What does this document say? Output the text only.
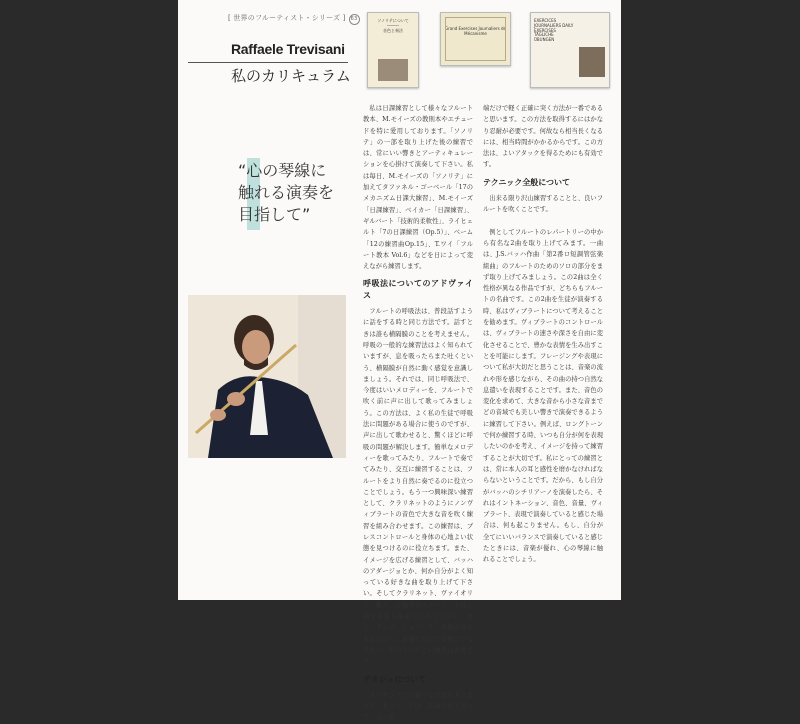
[ 世界のフルーティスト・シリーズ ] 63
Raffaele Trevisani
私のカリキュラム
ソノリテについて
―――
音色と奏法	Grand Exercises Journaliers de Mécanisme
EXERCICES JOURNALIERS DAILY EXERCISES TÄGLICHE ÜBUNGEN
“心の琴線に
触れる演奏を
目指して”

私は日課練習として様々なフルート教本、M.モイーズの教則本やエチュードを特に愛用しております。「ソノリテ」の一部を取り上げた後の練習では、常にいい響きとアーティキュレーションを心掛けて演奏して下さい。私は毎日、M.モイーズの「ソノリテ」に加えてタファネル・ゴーベール「17のメカニズム日課大練習」、M.モイーズ「日課練習」、ベイカー「日課練習」、ギルバート「技術的柔軟性」、ライヒェルト「7の日課練習（Op.5）」、ベーム「12の練習曲Op.15」、T.ワイ「フルート教本 Vol.6」などを日によって変えながら練習します。

呼吸法についてのアドヴァイス

フルートの呼吸法は、普段話すように話をする時と同じ方法です。話すときは誰も横隔膜のことを考えません。呼吸の一般的な練習法はよく知られていますが、息を吸ったらまた吐くという、横隔膜が自然に動く感覚を意識しましょう。それでは、同じ呼吸法で、今度はいいメロディーを、フルートで吹く前に声に出して歌ってみましょう。この方法は、よく私の生徒で呼吸法に問題がある場合に使うのですが、声に出して歌わせると、驚くほどに呼吸の問題が解決します。簡単なメロディーを歌ってみたり、フルートで奏でてみたり、交互に練習することは、フルートをより自然に奏でるのに役立つことでしょう。もう一つ興味深い練習として、クラリネットのようにノンヴィブラートの音色で大きな音を吹く練習を組み合わせます。この練習は、ブレスコントロールと身体の心地よい状態を見つけるのに役立ちます。また、イメージを広げる練習として、バッハのアダージョとか、何か自分がよく知っている好きな曲を取り上げて下さい。そしてクラリネット、ヴァイオリン、歌手、合唱等をイメージして同じ曲を何度も演奏してみて下さい。また、テンポ、ニュアンス、表情の変化も忘れずに。音楽に対して柔軟でいるために、私にとってこの練習は重要です。

デタシェについて

タンギングには様々な方法がありますが、私にとっては、前歯の後ろ辺りで、舌の先

端だけで軽く正確に突く方法が一番であると思います。この方法を取得するにはかなり忍耐が必要です。何故なら相当長くなるには、相当時間がかかるからです。この方法は、よいアタックを得るためにも有効です。

テクニック全般について

出来る限り沢山練習することと、良いフルートを吹くことです。

例としてフルートのレパートリーの中から有名な2曲を取り上げてみます。一曲は、J.S.バッハ作曲「第2番ロ短調管弦楽組曲」のフルートのためのソロの部分をまず取り上げてみましょう。この2曲は全く性格が異なる作品ですが、どちらもフルートの名曲です。この2曲を生徒が演奏する時、私はヴィブラートについて考えることを勧めます。ヴィブラートのコントロールは、ヴィブラートの速さや深さを自由に変化させることで、豊かな表情を生み出すことを可能にします。フレージングや表現について私が大切だと思うことは、音楽の流れや形を感じながら、その曲の持つ自然な息遣いを表現することです。また、音色の変化を求めて、大きな音から小さな音までどの音域でも美しい響きで演奏できるように練習して下さい。例えば、ロングトーンで何か練習する時、いつも自分が何を表現したいのかを考え、イメージを持って練習することが大切です。私にとっての練習とは、常に本人の耳と感性を磨かなければならないということです。だから、もし自分がバッハのシチリアーノを演奏したら、それはイントネーション、音色、音量、ヴィブラート、表現で演奏していると感じた場合は、何も起こりません。もし、自分が全てにいいバランスで演奏していると感じたときには、音楽が優れ、心の琴線に触れることでしょう。
